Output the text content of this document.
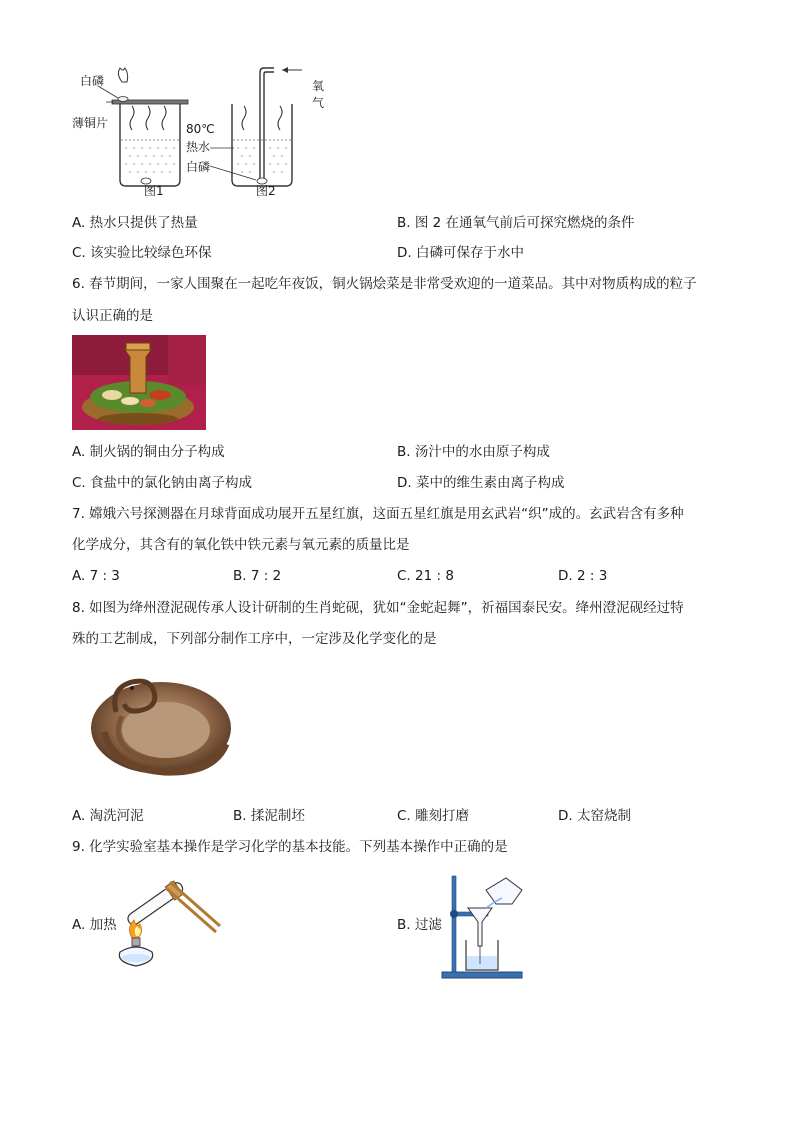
白磷
薄铜片
图1
氧气
80℃
热水
白磷
图2
A. 热水只提供了热量	B. 图 2 在通氧气前后可探究燃烧的条件
C. 该实验比较绿色环保	D. 白磷可保存于水中
6. 春节期间，一家人围聚在一起吃年夜饭，铜火锅烩菜是非常受欢迎的一道菜品。其中对物质构成的粒子
认识正确的是
A. 制火锅的铜由分子构成	B. 汤汁中的水由原子构成
C. 食盐中的氯化钠由离子构成	D. 菜中的维生素由离子构成
7. 嫦娥六号探测器在月球背面成功展开五星红旗，这面五星红旗是用玄武岩“织”成的。玄武岩含有多种
化学成分，其含有的氧化铁中铁元素与氧元素的质量比是
A. 7 : 3	B. 7 : 2	C. 21 : 8	D. 2 : 3
8. 如图为绛州澄泥砚传承人设计研制的生肖蛇砚，犹如“金蛇起舞”，祈福国泰民安。绛州澄泥砚经过特
殊的工艺制成，下列部分制作工序中，一定涉及化学变化的是
A. 淘洗河泥	B. 揉泥制坯	C. 雕刻打磨	D. 太窑烧制
9. 化学实验室基本操作是学习化学的基本技能。下列基本操作中正确的是
A. 加热	B. 过滤
